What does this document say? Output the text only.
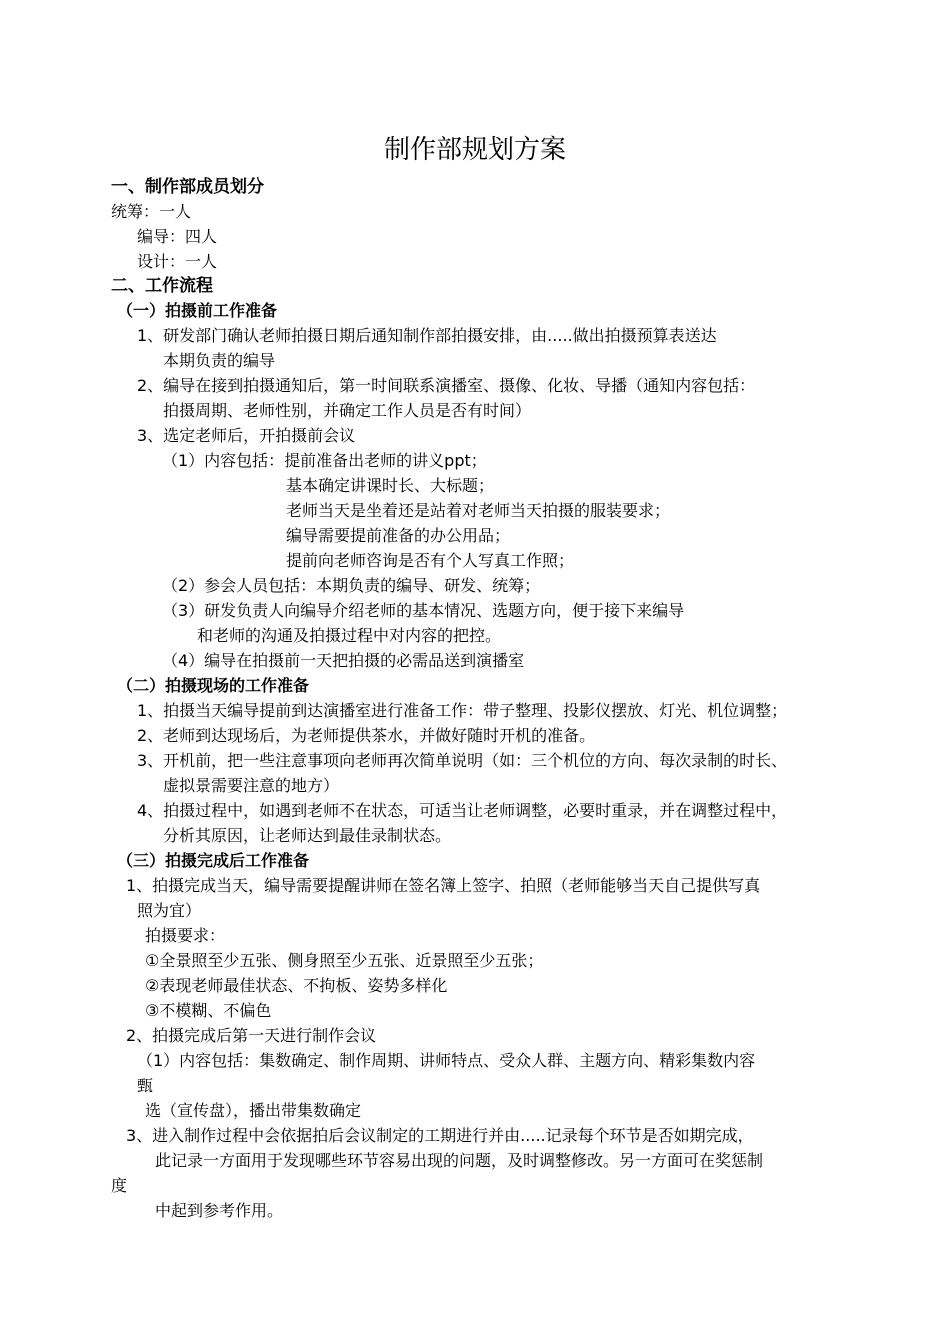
制作部规划方案
一、制作部成员划分
统筹：一人
编导：四人
设计：一人
二、工作流程
（一）拍摄前工作准备
1、研发部门确认老师拍摄日期后通知制作部拍摄安排，由.....做出拍摄预算表送达
本期负责的编导
2、编导在接到拍摄通知后，第一时间联系演播室、摄像、化妆、导播（通知内容包括：
拍摄周期、老师性别，并确定工作人员是否有时间）
3、选定老师后，开拍摄前会议
（1）内容包括：提前准备出老师的讲义ppt；
基本确定讲课时长、大标题；
老师当天是坐着还是站着对老师当天拍摄的服装要求；
编导需要提前准备的办公用品；
提前向老师咨询是否有个人写真工作照；
（2）参会人员包括：本期负责的编导、研发、统筹；
（3）研发负责人向编导介绍老师的基本情况、选题方向，便于接下来编导
和老师的沟通及拍摄过程中对内容的把控。
（4）编导在拍摄前一天把拍摄的必需品送到演播室
（二）拍摄现场的工作准备
1、拍摄当天编导提前到达演播室进行准备工作：带子整理、投影仪摆放、灯光、机位调整；
2、老师到达现场后，为老师提供茶水，并做好随时开机的准备。
3、开机前，把一些注意事项向老师再次简单说明（如：三个机位的方向、每次录制的时长、
虚拟景需要注意的地方）
4、拍摄过程中，如遇到老师不在状态，可适当让老师调整，必要时重录，并在调整过程中，
分析其原因，让老师达到最佳录制状态。
（三）拍摄完成后工作准备
1、拍摄完成当天，编导需要提醒讲师在签名簿上签字、拍照（老师能够当天自己提供写真
照为宜）
拍摄要求：
①全景照至少五张、侧身照至少五张、近景照至少五张；
②表现老师最佳状态、不拘板、姿势多样化
③不模糊、不偏色
2、拍摄完成后第一天进行制作会议
（1）内容包括：集数确定、制作周期、讲师特点、受众人群、主题方向、精彩集数内容
甄
选（宣传盘），播出带集数确定
3、进入制作过程中会依据拍后会议制定的工期进行并由.....记录每个环节是否如期完成，
此记录一方面用于发现哪些环节容易出现的问题，及时调整修改。另一方面可在奖惩制
度
中起到参考作用。
